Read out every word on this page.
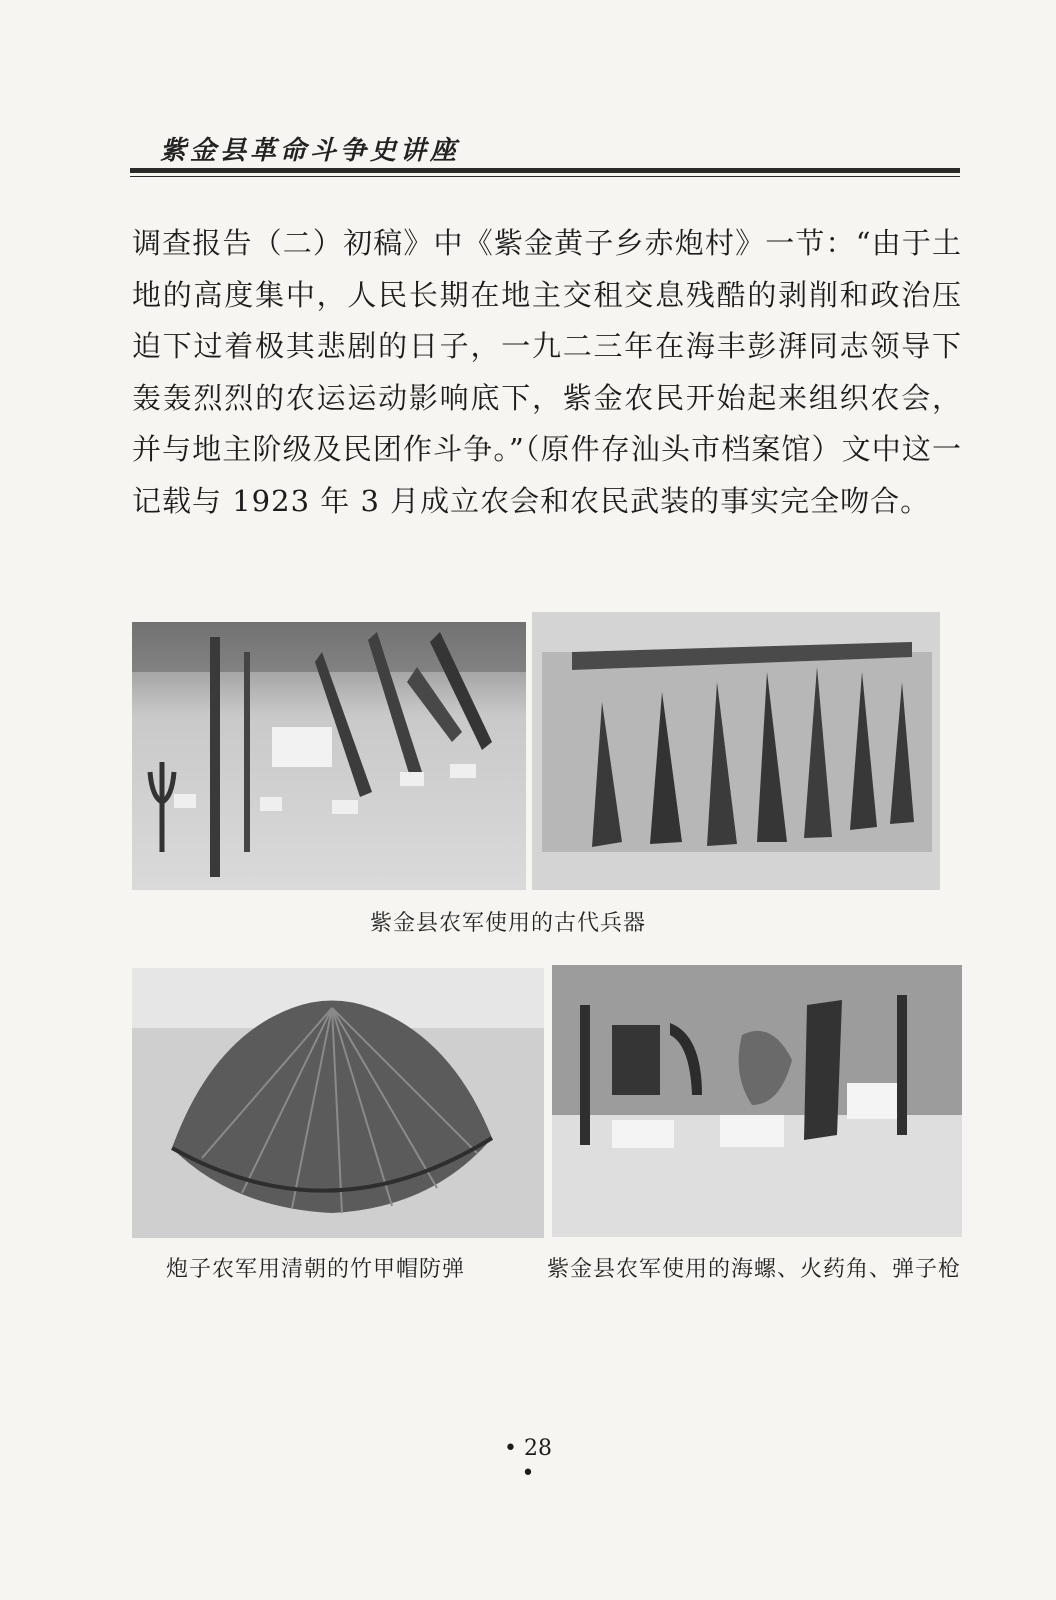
紫金县革命斗争史讲座
调查报告（二）初稿》中《紫金黄子乡赤炮村》一节：“由于土地的高度集中，人民长期在地主交租交息残酷的剥削和政治压迫下过着极其悲剧的日子，一九二三年在海丰彭湃同志领导下轰轰烈烈的农运运动影响底下，紫金农民开始起来组织农会，并与地主阶级及民团作斗争。”（原件存汕头市档案馆）文中这一记载与 1923 年 3 月成立农会和农民武装的事实完全吻合。
紫金县农军使用的古代兵器
炮子农军用清朝的竹甲帽防弹	紫金县农军使用的海螺、火药角、弹子枪
• 28 •
